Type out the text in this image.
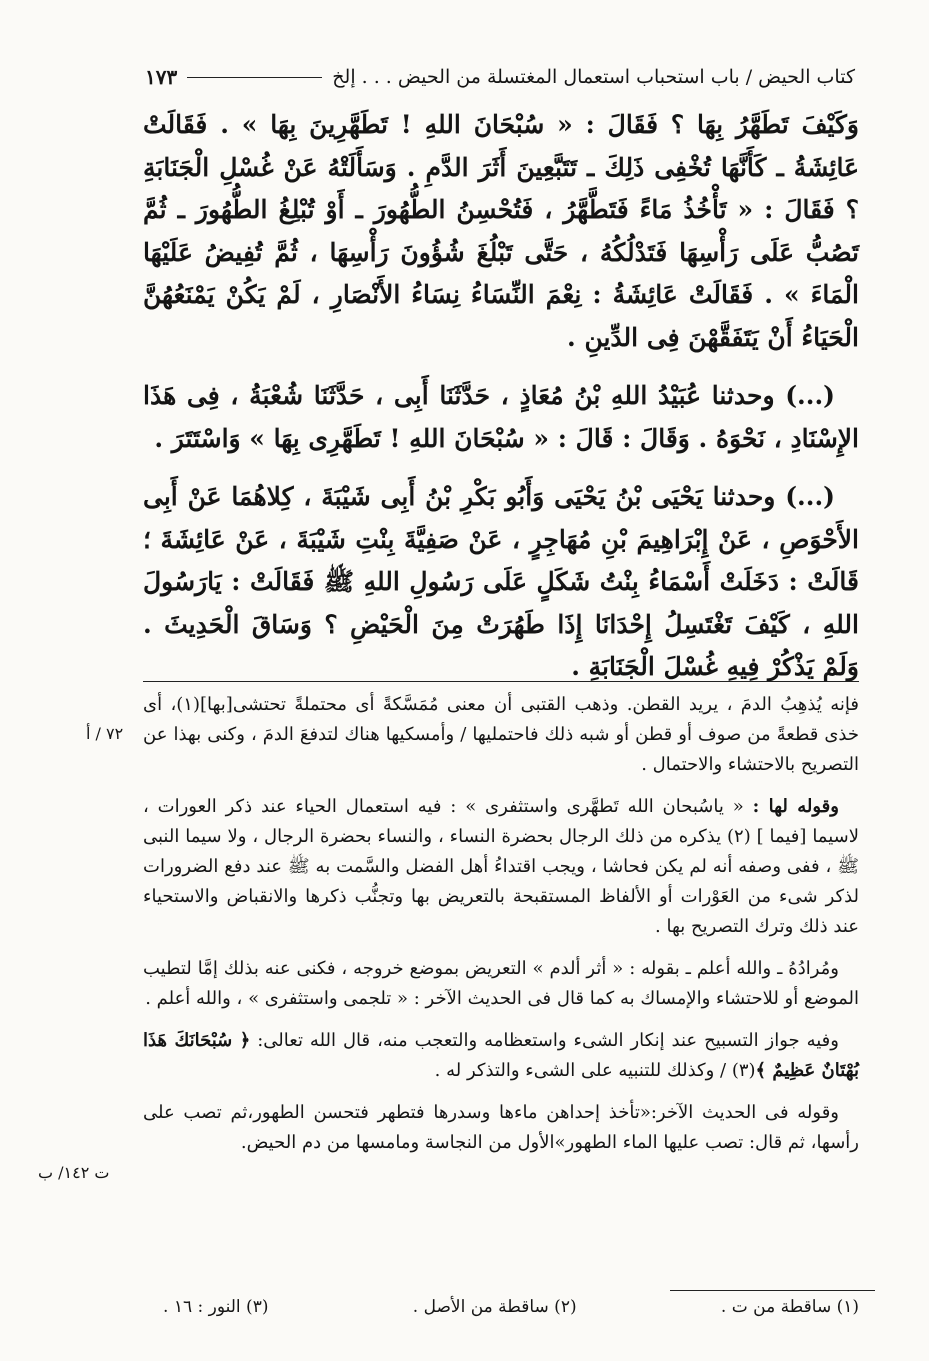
كتاب الحيض / باب استحباب استعمال المغتسلة من الحيض . . . إلخ
١٧٣

وَكَيْفَ تَطَهَّرُ بِهَا ؟ فَقَالَ : « سُبْحَانَ اللهِ ! تَطَهَّرِينَ بِهَا » . فَقَالَتْ عَائِشَةُ ـ كَأَنَّهَا تُخْفِى ذَلِكَ ـ تَتَبَّعِينَ أَثَرَ الدَّمِ . وَسَأَلَتْهُ عَنْ غُسْلِ الْجَنَابَةِ ؟ فَقَالَ : « تَأْخُذُ مَاءً فَتَطَّهَّرُ ، فَتُحْسِنُ الطُّهُورَ ـ أَوْ تُبْلِغُ الطُّهُورَ ـ ثُمَّ تَصُبُّ عَلَى رَأْسِهَا فَتَدْلُكُهُ ، حَتَّى تَبْلُغَ شُؤُونَ رَأْسِهَا ، ثُمَّ تُفِيضُ عَلَيْهَا الْمَاءَ » . فَقَالَتْ عَائِشَةُ : نِعْمَ النِّسَاءُ نِسَاءُ الأَنْصَارِ ، لَمْ يَكُنْ يَمْنَعُهُنَّ الْحَيَاءُ أَنْ يَتَفَقَّهْنَ فِى الدِّينِ .

(...) وحدثنا عُبَيْدُ اللهِ بْنُ مُعَاذٍ ، حَدَّثَنَا أَبِى ، حَدَّثَنَا شُعْبَةُ ، فِى هَذَا الإِسْنَادِ ، نَحْوَهُ . وَقَالَ : قَالَ : « سُبْحَانَ اللهِ ! تَطَهَّرِى بِهَا » وَاسْتَتَرَ .

(...) وحدثنا يَحْيَى بْنُ يَحْيَى وَأَبُو بَكْرِ بْنُ أَبِى شَيْبَةَ ، كِلاهُمَا عَنْ أَبِى الأَحْوَصِ ، عَنْ إِبْرَاهِيمَ بْنِ مُهَاجِرٍ ، عَنْ صَفِيَّةَ بِنْتِ شَيْبَةَ ، عَنْ عَائِشَةَ ؛ قَالَتْ : دَخَلَتْ أَسْمَاءُ بِنْتُ شَكَلٍ عَلَى رَسُولِ اللهِ ﷺ فَقَالَتْ : يَارَسُولَ اللهِ ، كَيْفَ تَغْتَسِلُ إِحْدَانَا إِذَا طَهُرَتْ مِنَ الْحَيْضِ ؟ وَسَاقَ الْحَدِيثَ . وَلَمْ يَذْكُرْ فِيهِ غُسْلَ الْجَنَابَةِ .

فإنه يُذهِبُ الدمَ ، يريد القطن. وذهب القتبى أن معنى مُمَسَّكةً أى محتملةً تحتشى[بها](١)، أى خذى قطعةً من صوف أو قطن أو شبه ذلك فاحتمليها / وأمسكيها هناك لتدفعَ الدمَ ، وكنى بهذا عن التصريح بالاحتشاء والاحتمال .

وقوله لها : « ياسُبحان الله تَطهَّرى واستثفرى » : فيه استعمال الحياء عند ذكر العورات ، لاسيما [فيما ] (٢) يذكره من ذلك الرجال بحضرة النساء ، والنساء بحضرة الرجال ، ولا سيما النبى ﷺ ، ففى وصفه أنه لم يكن فحاشا ، ويجب اقتداءُ أهل الفضل والسَّمت به ﷺ عند دفع الضرورات لذكر شىء من العَوْرات أو الألفاظ المستقبحة بالتعريض بها وتجنُّب ذكرها والانقباض والاستحياء عند ذلك وترك التصريح بها .

ومُرادُهُ ـ والله أعلم ـ بقوله : « أثر ألدم » التعريض بموضع خروجه ، فكنى عنه بذلك إمَّا لتطيب الموضع أو للاحتشاء والإمساك به كما قال فى الحديث الآخر : « تلجمى واستثفرى » ، والله أعلم .

وفيه جواز التسبيح عند إنكار الشىء واستعظامه والتعجب منه، قال الله تعالى: ﴿ سُبْحَانَكَ هَذَا بُهْتَانٌ عَظِيمٌ ﴾(٣) / وكذلك للتنبيه على الشىء والتذكر له .

وقوله فى الحديث الآخر:«تأخذ إحداهن ماءها وسدرها فتطهر فتحسن الطهور،ثم تصب على رأسها، ثم قال: تصب عليها الماء الطهور»الأول من النجاسة ومامسها من دم الحيض.

٧٢ / أ
ت ١٤٢/ ب
(١) ساقطة من ت .
(٢) ساقطة من الأصل .
(٣) النور : ١٦ .
